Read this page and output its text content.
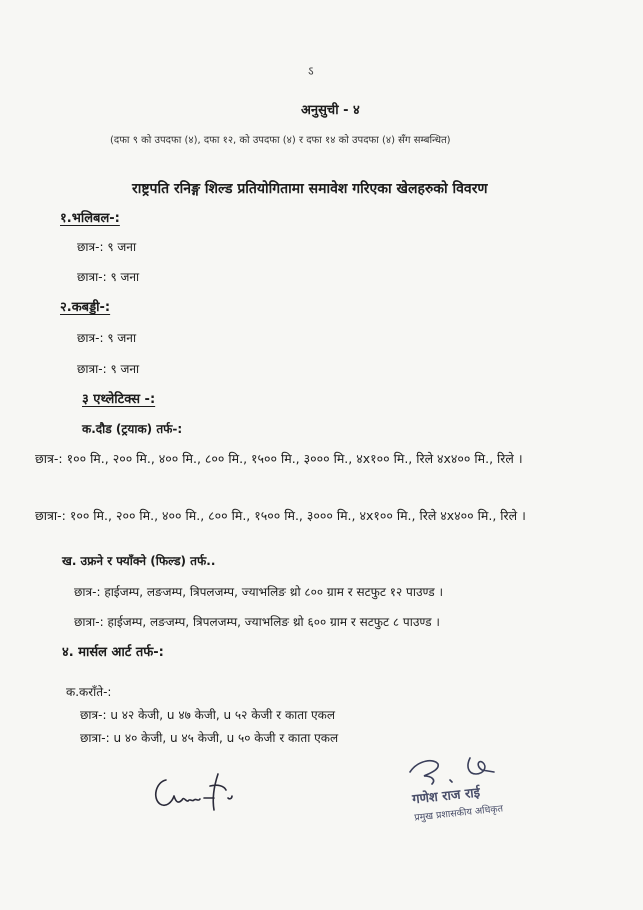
ऽ
अनुसुची - ४
(दफा ९ को उपदफा (४), दफा १२, को उपदफा (४) र दफा १४ को उपदफा (४) सँग सम्बन्धित)
राष्ट्रपति रनिङ्ग शिल्ड प्रतियोगितामा समावेश गरिएका खेलहरुको विवरण
१.भलिबल-:
छात्र-: ९ जना
छात्रा-: ९ जना
२.कबड्डी-:
छात्र-: ९ जना
छात्रा-: ९ जना
३ एथ्लेटिक्स -:
क.दौड (ट्रयाक) तर्फ-:
छात्र-: १०० मि., २०० मि., ४०० मि., ८०० मि., १५०० मि., ३००० मि., ४x१०० मि., रिले ४x४०० मि., रिले ।
छात्रा-: १०० मि., २०० मि., ४०० मि., ८०० मि., १५०० मि., ३००० मि., ४x१०० मि., रिले ४x४०० मि., रिले ।
ख. उफ्रने र फ्याँक्ने (फिल्ड) तर्फ..
छात्र-: हाईजम्प, लङजम्प, त्रिपलजम्प, ज्याभलिङ थ्रो ८०० ग्राम र सटफुट १२ पाउण्ड ।
छात्रा-: हाईजम्प, लङजम्प, त्रिपलजम्प, ज्याभलिङ थ्रो ६०० ग्राम र सटफुट ८ पाउण्ड ।
४. मार्सल आर्ट तर्फ-:
क.कराँते-:
छात्र-: u ४२ केजी, u ४७ केजी, u ५२ केजी र काता एकल
छात्रा-: u ४० केजी, u ४५ केजी, u ५० केजी र काता एकल
गणेश राज राई
प्रमुख प्रशासकीय अधिकृत
